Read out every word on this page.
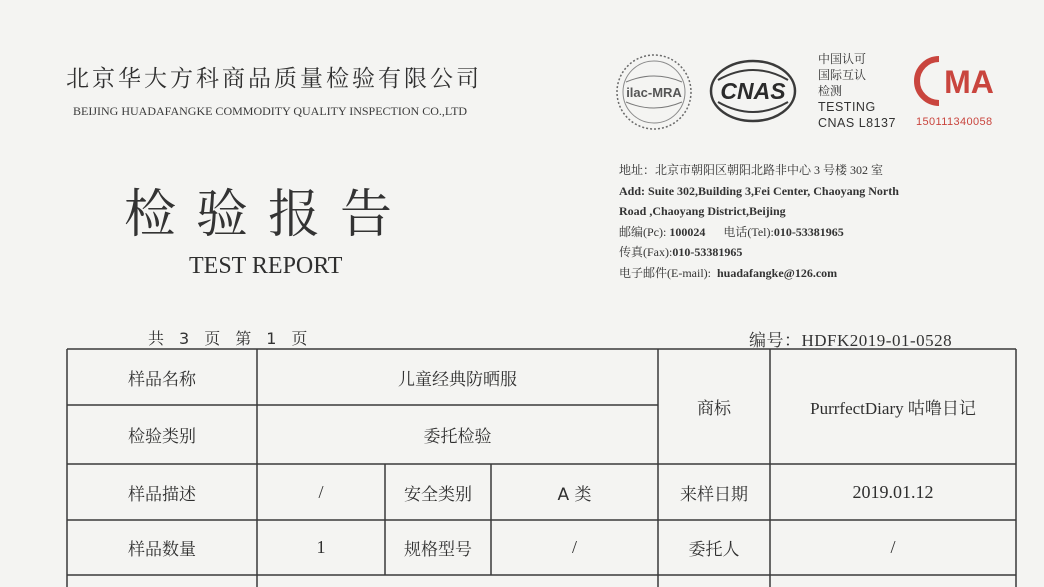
北京华大方科商品质量检验有限公司
BEIJING HUADAFANGKE COMMODITY QUALITY INSPECTION CO.,LTD
ilac-MRA CNAS
中国认可
国际互认
检测
TESTING
CNAS L8137
MA
150111340058
检验报告
TEST REPORT
地址：北京市朝阳区朝阳北路非中心 3 号楼 302 室
Add: Suite 302,Building 3,Fei Center, Chaoyang North
Road ,Chaoyang District,Beijing
邮编(Pc): 100024 电话(Tel):010-53381965
传真(Fax):010-53381965
电子邮件(E-mail): huadafangke@126.com
共 3 页 第 1 页	编号：HDFK2019-01-0528
样品名称	儿童经典防晒服
检验类别	委托检验
商标	PurrfectDiary 咕噜日记
样品描述	/	安全类别	A 类	来样日期	2019.01.12
样品数量	1	规格型号	/	委托人	/
